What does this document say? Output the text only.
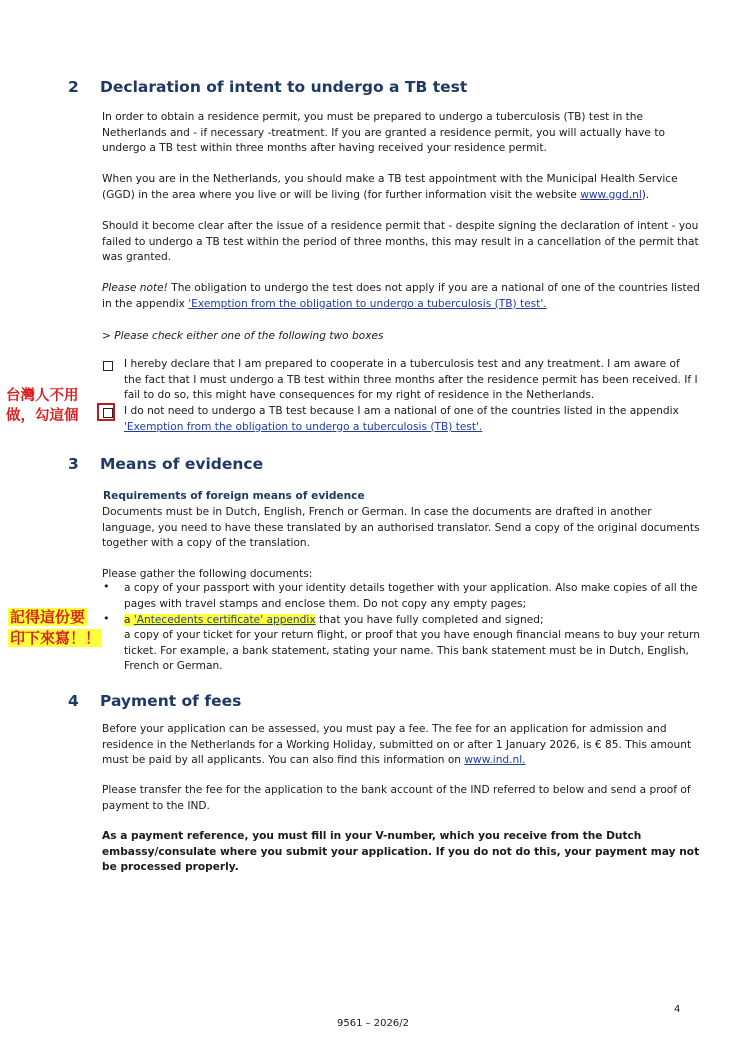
2 Declaration of intent to undergo a TB test
In order to obtain a residence permit, you must be prepared to undergo a tuberculosis (TB) test in the
Netherlands and - if necessary -treatment. If you are granted a residence permit, you will actually have to
undergo a TB test within three months after having received your residence permit.
When you are in the Netherlands, you should make a TB test appointment with the Municipal Health Service
(GGD) in the area where you live or will be living (for further information visit the website www.ggd.nl).
Should it become clear after the issue of a residence permit that - despite signing the declaration of intent - you
failed to undergo a TB test within the period of three months, this may result in a cancellation of the permit that
was granted.
Please note! The obligation to undergo the test does not apply if you are a national of one of the countries listed
in the appendix 'Exemption from the obligation to undergo a tuberculosis (TB) test'.
> Please check either one of the following two boxes
I hereby declare that I am prepared to cooperate in a tuberculosis test and any treatment. I am aware of
the fact that I must undergo a TB test within three months after the residence permit has been received. If I
fail to do so, this might have consequences for my right of residence in the Netherlands.
I do not need to undergo a TB test because I am a national of one of the countries listed in the appendix
'Exemption from the obligation to undergo a tuberculosis (TB) test'.
台灣人不用
做，勾這個
3 Means of evidence
Requirements of foreign means of evidence
Documents must be in Dutch, English, French or German. In case the documents are drafted in another
language, you need to have these translated by an authorised translator. Send a copy of the original documents
together with a copy of the translation.
Please gather the following documents:
• a copy of your passport with your identity details together with your application. Also make copies of all the
pages with travel stamps and enclose them. Do not copy any empty pages;
• a 'Antecedents certificate' appendix that you have fully completed and signed;
a copy of your ticket for your return flight, or proof that you have enough financial means to buy your return
ticket. For example, a bank statement, stating your name. This bank statement must be in Dutch, English,
French or German.
記得這份要
印下來寫！！
4 Payment of fees
Before your application can be assessed, you must pay a fee. The fee for an application for admission and
residence in the Netherlands for a Working Holiday, submitted on or after 1 January 2026, is € 85. This amount
must be paid by all applicants. You can also find this information on www.ind.nl.
Please transfer the fee for the application to the bank account of the IND referred to below and send a proof of
payment to the IND.
As a payment reference, you must fill in your V-number, which you receive from the Dutch
embassy/consulate where you submit your application. If you do not do this, your payment may not
be processed properly.
4
9561 – 2026/2
